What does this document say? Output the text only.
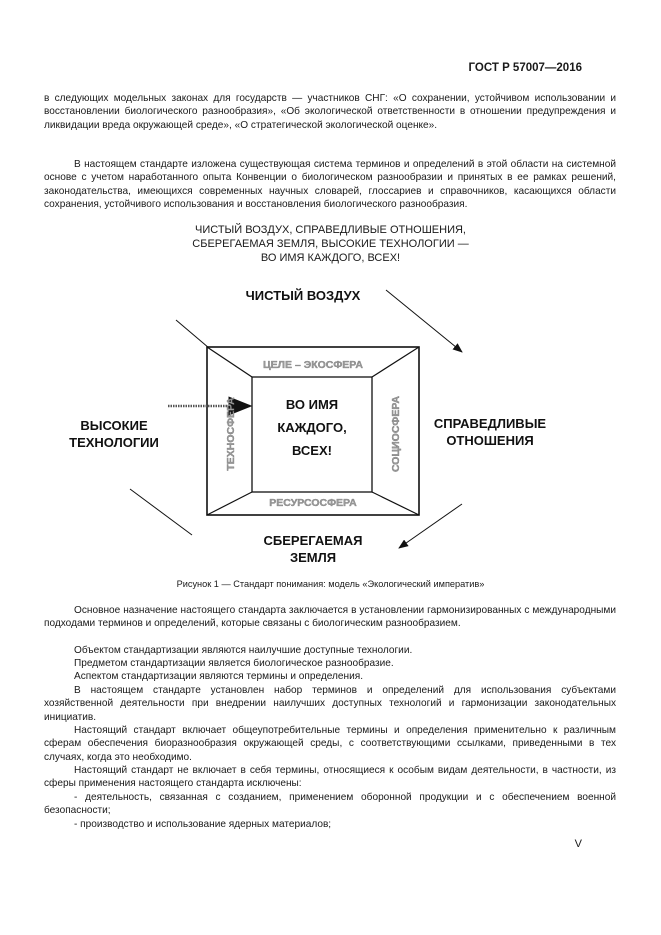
ГОСТ Р 57007—2016

в следующих модельных законах для государств — участников СНГ: «О сохранении, устойчивом использовании и восстановлении биологического разнообразия», «Об экологической ответственности в отношении предупреждения и ликвидации вреда окружающей среде», «О стратегической экологической оценке».

В настоящем стандарте изложена существующая система терминов и определений в этой области на системной основе с учетом наработанного опыта Конвенции о биологическом разнообразии и принятых в ее рамках решений, законодательства, имеющихся современных научных словарей, глоссариев и справочников, касающихся области сохранения, устойчивого использования и восстановления биологического разнообразия.

ЧИСТЫЙ ВОЗДУХ, СПРАВЕДЛИВЫЕ ОТНОШЕНИЯ,
СБЕРЕГАЕМАЯ ЗЕМЛЯ, ВЫСОКИЕ ТЕХНОЛОГИИ —
ВО ИМЯ КАЖДОГО, ВСЕХ!
ЧИСТЫЙ ВОЗДУХ
ВЫСОКИЕ
ТЕХНОЛОГИИ
СПРАВЕДЛИВЫЕ
ОТНОШЕНИЯ
СБЕРЕГАЕМАЯ
ЗЕМЛЯ
ЦЕЛЕ – ЭКОСФЕРА
РЕСУРСОСФЕРА
ТЕХНОСФЕРА	СОЦИОСФЕРА
ВО ИМЯ
КАЖДОГО,
ВСЕХ!
Рисунок 1 — Стандарт понимания: модель «Экологический императив»

Основное назначение настоящего стандарта заключается в установлении гармонизированных с международными подходами терминов и определений, которые связаны с биологическим разнообразием.

Объектом стандартизации являются наилучшие доступные технологии.

Предметом стандартизации является биологическое разнообразие.

Аспектом стандартизации являются термины и определения.

В настоящем стандарте установлен набор терминов и определений для использования субъектами хозяйственной деятельности при внедрении наилучших доступных технологий и гармонизации законодательных инициатив.

Настоящий стандарт включает общеупотребительные термины и определения применительно к различным сферам обеспечения биоразнообразия окружающей среды, с соответствующими ссылками, приведенными в тех случаях, когда это необходимо.

Настоящий стандарт не включает в себя термины, относящиеся к особым видам деятельности, в частности, из сферы применения настоящего стандарта исключены:

- деятельность, связанная с созданием, применением оборонной продукции и с обеспечением военной безопасности;

- производство и использование ядерных материалов;

V
